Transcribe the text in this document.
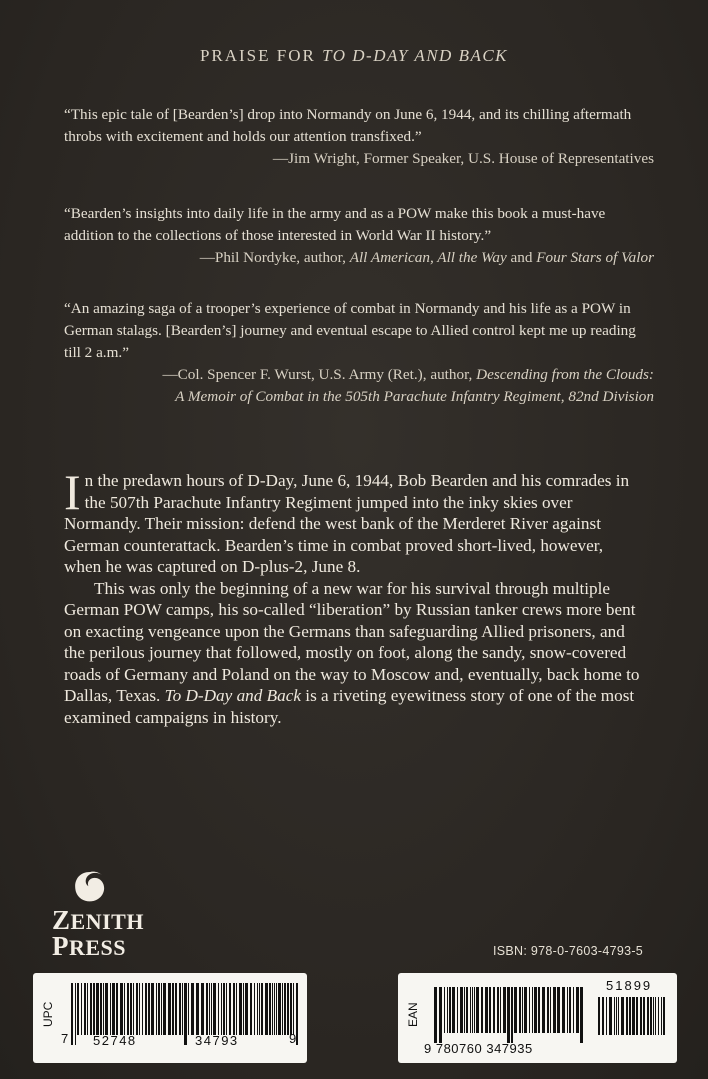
PRAISE FOR TO D-DAY AND BACK
“This epic tale of [Bearden’s] drop into Normandy on June 6, 1944, and its chilling aftermath throbs with excitement and holds our attention transfixed.”
—Jim Wright, Former Speaker, U.S. House of Representatives
“Bearden’s insights into daily life in the army and as a POW make this book a must-have addition to the collections of those interested in World War II history.”
—Phil Nordyke, author, All American, All the Way and Four Stars of Valor
“An amazing saga of a trooper’s experience of combat in Normandy and his life as a POW in German stalags. [Bearden’s] journey and eventual escape to Allied control kept me up reading till 2 a.m.”
—Col. Spencer F. Wurst, U.S. Army (Ret.), author, Descending from the Clouds:
A Memoir of Combat in the 505th Parachute Infantry Regiment, 82nd Division

In the predawn hours of D-Day, June 6, 1944, Bob Bearden and his comrades in the 507th Parachute Infantry Regiment jumped into the inky skies over Normandy. Their mission: defend the west bank of the Merderet River against German counterattack. Bearden’s time in combat proved short-lived, however, when he was captured on D-plus-2, June 8.

This was only the beginning of a new war for his survival through multiple German POW camps, his so-called “liberation” by Russian tanker crews more bent on exacting vengeance upon the Germans than safeguarding Allied prisoners, and the perilous journey that followed, mostly on foot, along the sandy, snow-covered roads of Germany and Poland on the way to Moscow and, eventually, back home to Dallas, Texas. To D-Day and Back is a riveting eyewitness story of one of the most examined campaigns in history.

ZENITH
PRESS	ISBN: 978-0-7603-4793-5
UPC
7 52748	34793	9
EAN
51899
9 780760 347935
